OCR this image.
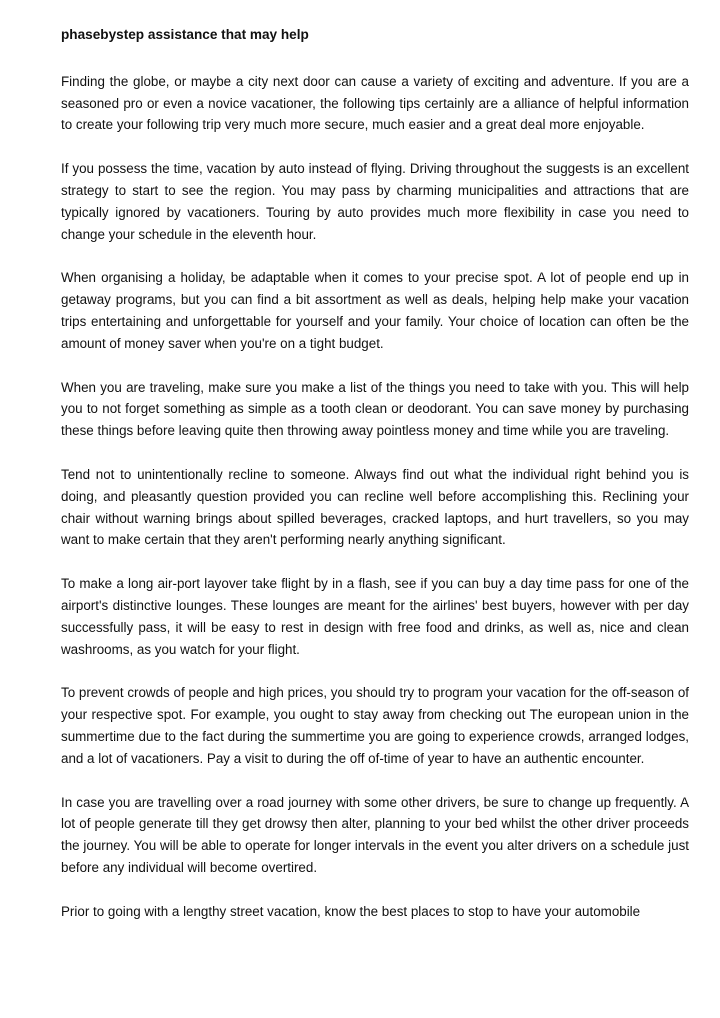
phasebystep assistance that may help

Finding the globe, or maybe a city next door can cause a variety of exciting and adventure. If you are a seasoned pro or even a novice vacationer, the following tips certainly are a alliance of helpful information to create your following trip very much more secure, much easier and a great deal more enjoyable.

If you possess the time, vacation by auto instead of flying. Driving throughout the suggests is an excellent strategy to start to see the region. You may pass by charming municipalities and attractions that are typically ignored by vacationers. Touring by auto provides much more flexibility in case you need to change your schedule in the eleventh hour.

When organising a holiday, be adaptable when it comes to your precise spot. A lot of people end up in getaway programs, but you can find a bit assortment as well as deals, helping help make your vacation trips entertaining and unforgettable for yourself and your family. Your choice of location can often be the amount of money saver when you're on a tight budget.

When you are traveling, make sure you make a list of the things you need to take with you. This will help you to not forget something as simple as a tooth clean or deodorant. You can save money by purchasing these things before leaving quite then throwing away pointless money and time while you are traveling.

Tend not to unintentionally recline to someone. Always find out what the individual right behind you is doing, and pleasantly question provided you can recline well before accomplishing this. Reclining your chair without warning brings about spilled beverages, cracked laptops, and hurt travellers, so you may want to make certain that they aren't performing nearly anything significant.

To make a long air-port layover take flight by in a flash, see if you can buy a day time pass for one of the airport's distinctive lounges. These lounges are meant for the airlines' best buyers, however with per day successfully pass, it will be easy to rest in design with free food and drinks, as well as, nice and clean washrooms, as you watch for your flight.

To prevent crowds of people and high prices, you should try to program your vacation for the off-season of your respective spot. For example, you ought to stay away from checking out The european union in the summertime due to the fact during the summertime you are going to experience crowds, arranged lodges, and a lot of vacationers. Pay a visit to during the off of-time of year to have an authentic encounter.

In case you are travelling over a road journey with some other drivers, be sure to change up frequently. A lot of people generate till they get drowsy then alter, planning to your bed whilst the other driver proceeds the journey. You will be able to operate for longer intervals in the event you alter drivers on a schedule just before any individual will become overtired.

Prior to going with a lengthy street vacation, know the best places to stop to have your automobile
